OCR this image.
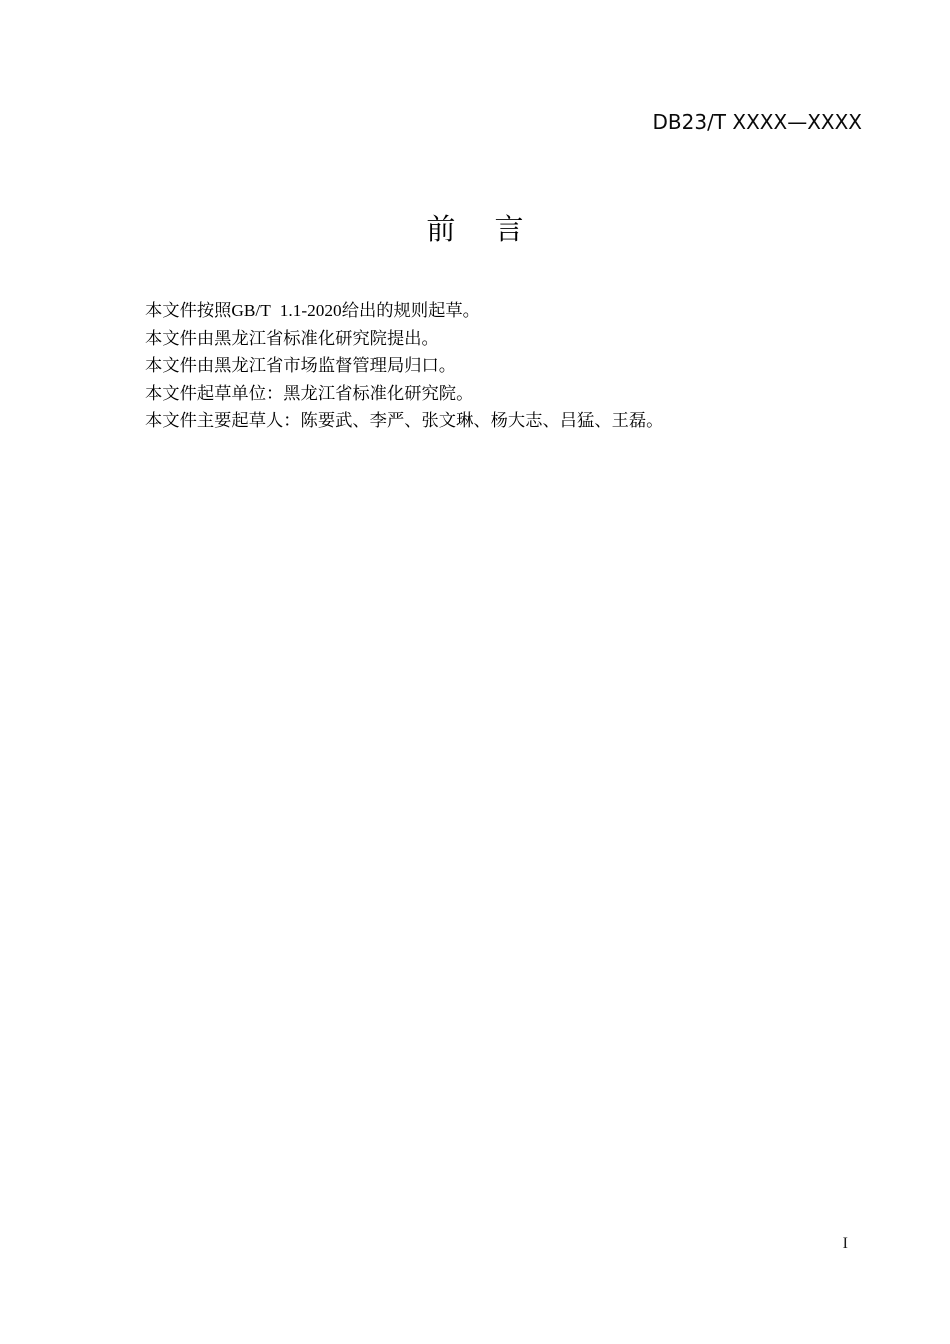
DB23/T XXXX—XXXX
前言

本文件按照GB/T 1.1-2020给出的规则起草。

本文件由黑龙江省标准化研究院提出。

本文件由黑龙江省市场监督管理局归口。

本文件起草单位：黑龙江省标准化研究院。

本文件主要起草人：陈要武、李严、张文琳、杨大志、吕猛、王磊。

I
